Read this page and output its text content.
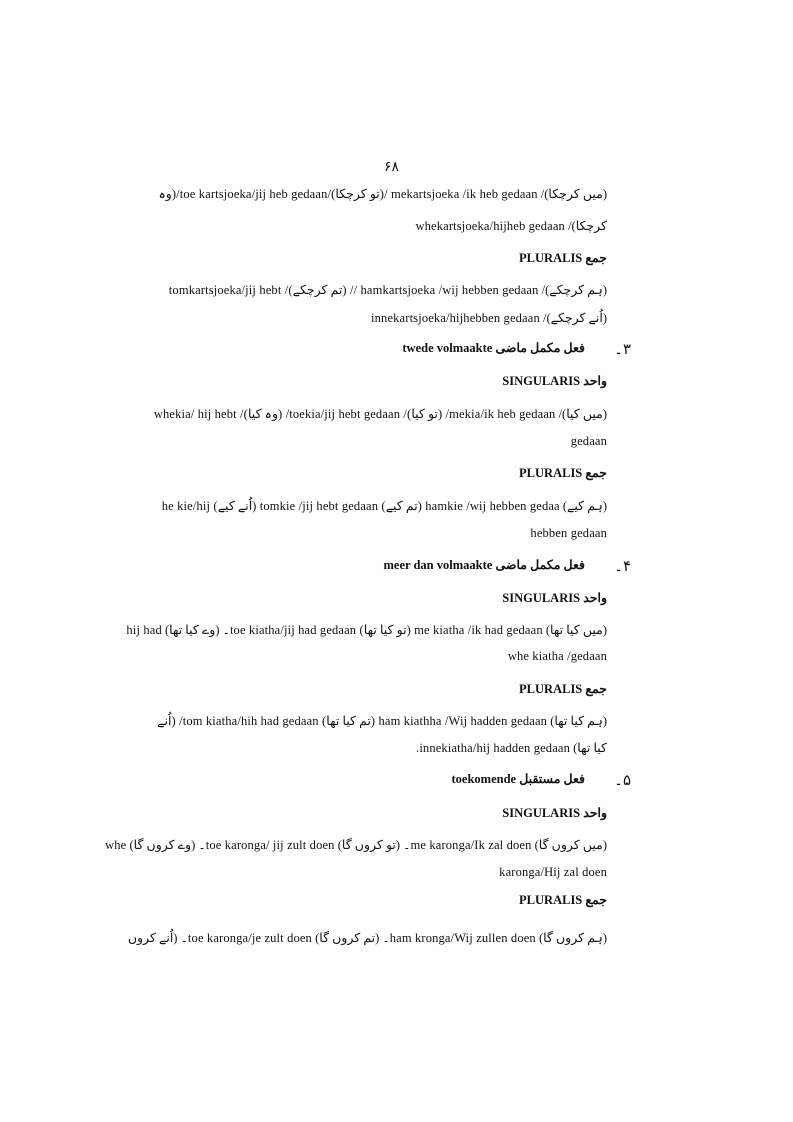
۶۸
(میں کرچکا)/ mekartsjoeka /ik heb gedaan /(تو کرچکا)/toe kartsjoeka/jij heb gedaan/(وہ
کرچکا)/ whekartsjoeka/hijheb gedaan
جمع PLURALIS
(ہم کرچکے)/ hamkartsjoeka /wij hebben gedaan // (تم کرچکے)/ tomkartsjoeka/jij hebt
(اُنے کرچکے)/ innekartsjoeka/hijhebben gedaan
۳۔
فعل مکمل ماضی twede volmaakte
واحد SINGULARIS
(میں کیا)/ mekia/ik heb gedaan/ (تو کیا)/ toekia/jij hebt gedaan/ (وہ کیا)/ whekia/ hij hebt
gedaan
جمع PLURALIS
(ہم کیے) hamkie /wij hebben gedaa (تم کیے) tomkie /jij hebt gedaan (اُنے کیے) he kie/hij
hebben gedaan
۴۔
فعل مکمل ماضی meer dan volmaakte
واحد SINGULARIS
(میں کیا تھا) me kiatha /ik had gedaan (تو کیا تھا) toe kiatha/jij had gedaan۔ (وے کیا تھا) hij had
whe kiatha /gedaan
جمع PLURALIS
(ہم کیا تھا) ham kiathha /Wij hadden gedaan (تم کیا تھا) tom kiatha/hih had gedaan/ (اُنے
کیا تھا) innekiatha/hij hadden gedaan.
۵۔
فعل مستقبل toekomende
واحد SINGULARIS
(میں کروں گا) me karonga/Ik zal doen۔ (تو کروں گا) toe karonga/ jij zult doen۔ (وے کروں گا) whe
karonga/Hij zal doen
جمع PLURALIS
(ہم کروں گا) ham kronga/Wij zullen doen۔ (تم کروں گا) toe karonga/je zult doen۔ (اُنے کروں
